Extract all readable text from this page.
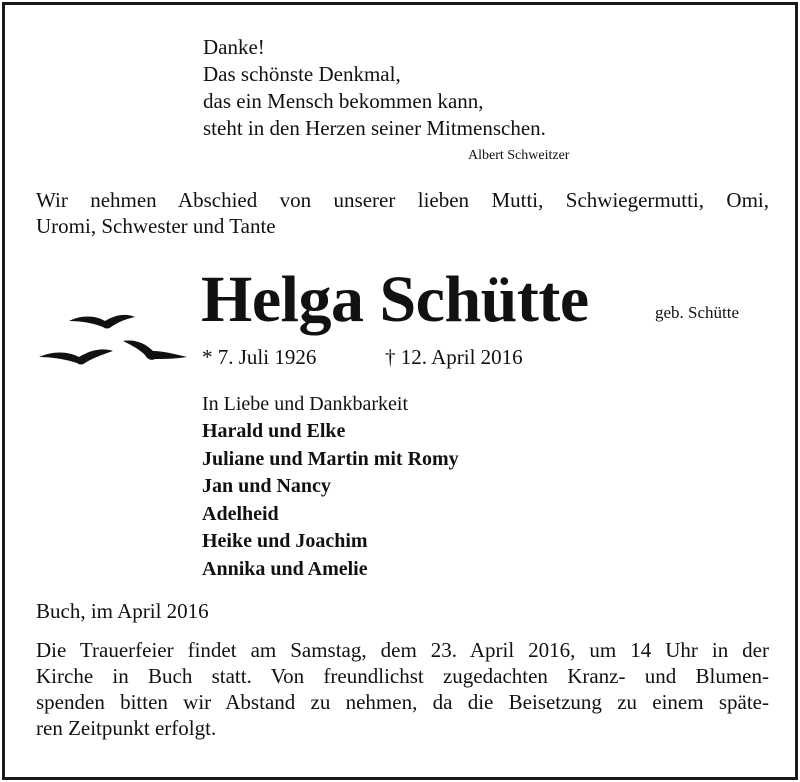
Danke!
Das schönste Denkmal,
das ein Mensch bekommen kann,
steht in den Herzen seiner Mitmenschen.
Albert Schweitzer
Wir nehmen Abschied von unserer lieben Mutti, Schwiegermutti, Omi,
Uromi, Schwester und Tante
Helga Schütte	geb. Schütte
* 7. Juli 1926	† 12. April 2016
In Liebe und Dankbarkeit
Harald und Elke
Juliane und Martin mit Romy
Jan und Nancy
Adelheid
Heike und Joachim
Annika und Amelie
Buch, im April 2016
Die Trauerfeier findet am Samstag, dem 23. April 2016, um 14 Uhr in der
Kirche in Buch statt. Von freundlichst zugedachten Kranz- und Blumen-
spenden bitten wir Abstand zu nehmen, da die Beisetzung zu einem späte-
ren Zeitpunkt erfolgt.
